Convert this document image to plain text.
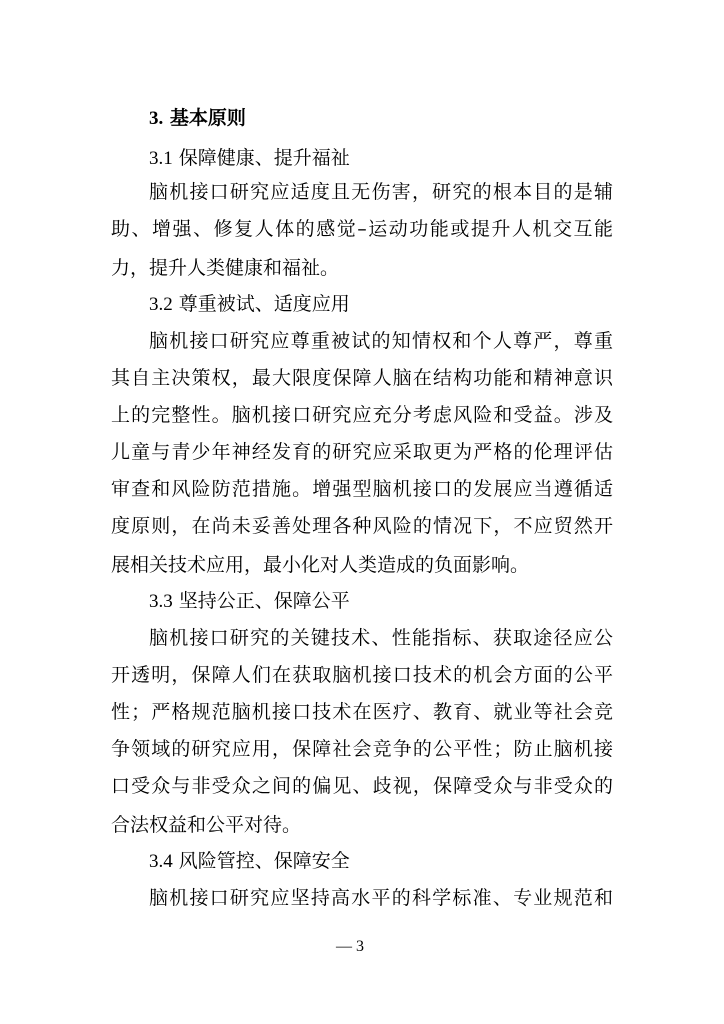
3. 基本原则
3.1 保障健康、提升福祉
脑机接口研究应适度且无伤害，研究的根本目的是辅
助、增强、修复人体的感觉–运动功能或提升人机交互能
力，提升人类健康和福祉。
3.2 尊重被试、适度应用
脑机接口研究应尊重被试的知情权和个人尊严，尊重
其自主决策权，最大限度保障人脑在结构功能和精神意识
上的完整性。脑机接口研究应充分考虑风险和受益。涉及
儿童与青少年神经发育的研究应采取更为严格的伦理评估
审查和风险防范措施。增强型脑机接口的发展应当遵循适
度原则，在尚未妥善处理各种风险的情况下，不应贸然开
展相关技术应用，最小化对人类造成的负面影响。
3.3 坚持公正、保障公平
脑机接口研究的关键技术、性能指标、获取途径应公
开透明，保障人们在获取脑机接口技术的机会方面的公平
性；严格规范脑机接口技术在医疗、教育、就业等社会竞
争领域的研究应用，保障社会竞争的公平性；防止脑机接
口受众与非受众之间的偏见、歧视，保障受众与非受众的
合法权益和公平对待。
3.4 风险管控、保障安全
脑机接口研究应坚持高水平的科学标准、专业规范和
— 3
